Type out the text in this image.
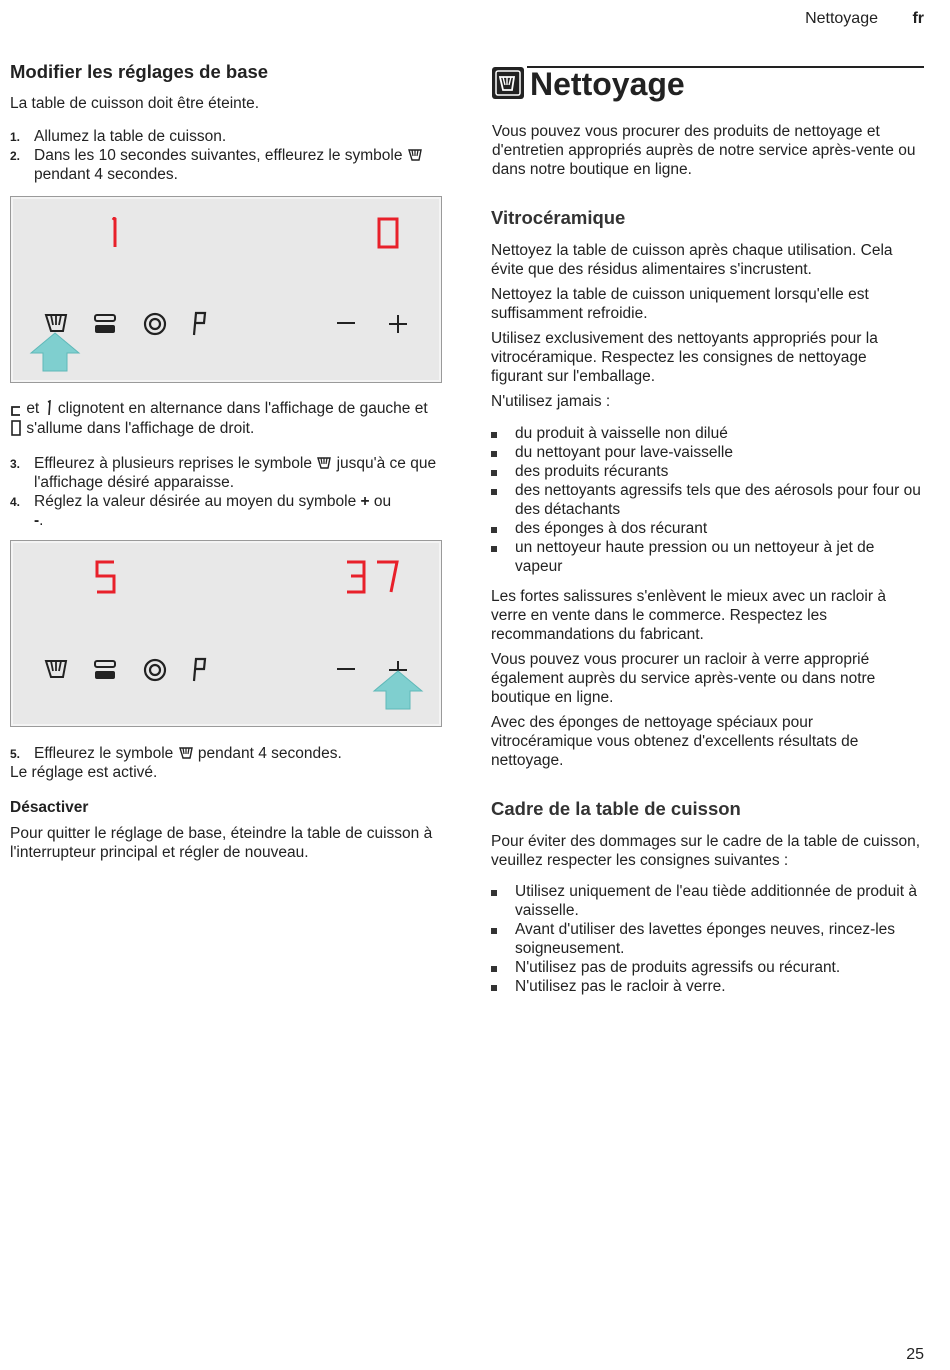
Nettoyage fr
Modifier les réglages de base

La table de cuisson doit être éteinte.

1. Allumez la table de cuisson.
2. Dans les 10 secondes suivantes, effleurez le symbole  pendant 4 secondes.

et clignotent en alternance dans l'affichage de gauche et  s'allume dans l'affichage de droit.

3. Effleurez à plusieurs reprises le symbole jusqu'à ce que l'affichage désiré apparaisse.
4. Réglez la valeur désirée au moyen du symbole + ou
-.
5. Effleurez le symbole pendant 4 secondes.

Le réglage est activé.

Désactiver

Pour quitter le réglage de base, éteindre la table de cuisson à l'interrupteur principal et régler de nouveau.

Nettoyage

Vous pouvez vous procurer des produits de nettoyage et d'entretien appropriés auprès de notre service après-vente ou dans notre boutique en ligne.

Vitrocéramique

Nettoyez la table de cuisson après chaque utilisation. Cela évite que des résidus alimentaires s'incrustent.

Nettoyez la table de cuisson uniquement lorsqu'elle est suffisamment refroidie.

Utilisez exclusivement des nettoyants appropriés pour la vitrocéramique. Respectez les consignes de nettoyage figurant sur l'emballage.

N'utilisez jamais :

du produit à vaisselle non dilué
du nettoyant pour lave-vaisselle
des produits récurants
des nettoyants agressifs tels que des aérosols pour four ou des détachants
des éponges à dos récurant
un nettoyeur haute pression ou un nettoyeur à jet de vapeur

Les fortes salissures s'enlèvent le mieux avec un racloir à verre en vente dans le commerce. Respectez les recommandations du fabricant.

Vous pouvez vous procurer un racloir à verre approprié également auprès du service après-vente ou dans notre boutique en ligne.

Avec des éponges de nettoyage spéciaux pour vitrocéramique vous obtenez d'excellents résultats de nettoyage.

Cadre de la table de cuisson

Pour éviter des dommages sur le cadre de la table de cuisson, veuillez respecter les consignes suivantes :

Utilisez uniquement de l'eau tiède additionnée de produit à vaisselle.
Avant d'utiliser des lavettes éponges neuves, rincez-les soigneusement.
N'utilisez pas de produits agressifs ou récurant.
N'utilisez pas le racloir à verre.
25
